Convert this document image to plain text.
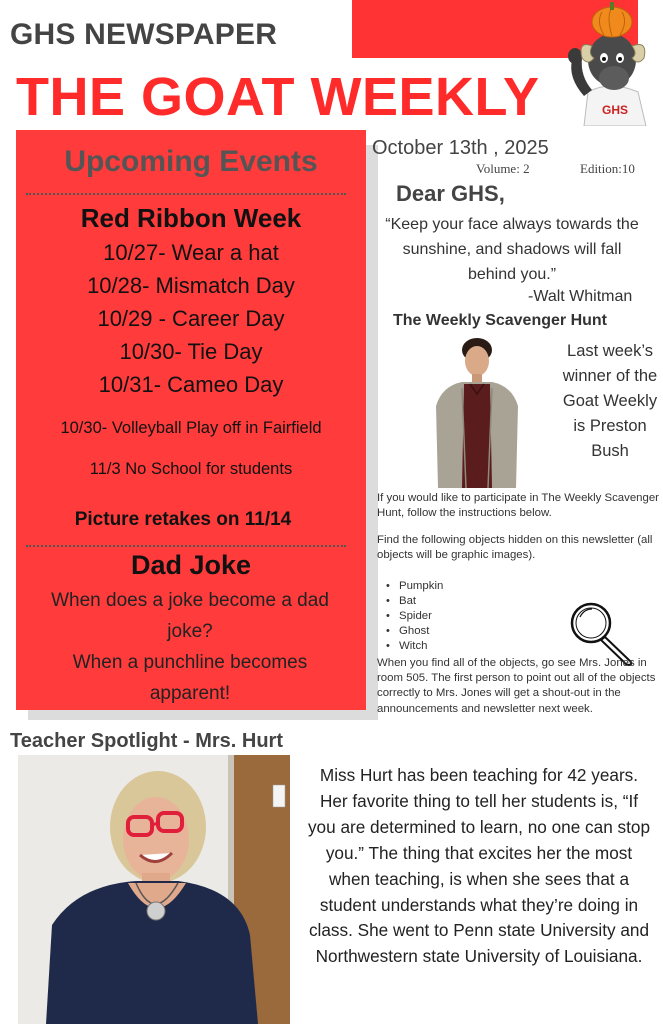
GHS NEWSPAPER
THE GOAT WEEKLY	GHS
Upcoming Events
Red Ribbon Week
10/27- Wear a hat
10/28- Mismatch Day
10/29 - Career Day
10/30- Tie Day
10/31- Cameo Day
10/30- Volleyball Play off in Fairfield
11/3 No School for students
Picture retakes on 11/14
Dad Joke
When does a joke become a dad joke?
When a punchline becomes apparent!
October 13th , 2025
Volume: 2	Edition:10
Dear GHS,
“Keep your face always towards the sunshine, and shadows will fall behind you.”
-Walt Whitman
The Weekly Scavenger Hunt
Last week’s winner of the Goat Weekly is Preston Bush
If you would like to participate in The Weekly Scavenger Hunt, follow the instructions below.
Find the following objects hidden on this newsletter (all objects will be graphic images).
• Pumpkin
• Bat
• Spider
• Ghost
• Witch
When you find all of the objects, go see Mrs. Jones in room 505. The first person to point out all of the objects correctly to Mrs. Jones will get a shout-out in the announcements and newsletter next week.
Teacher Spotlight - Mrs. Hurt
Miss Hurt has been teaching for 42 years. Her favorite thing to tell her students is, “If you are determined to learn, no one can stop you.” The thing that excites her the most when teaching, is when she sees that a student understands what they’re doing in class. She went to Penn state University and Northwestern state University of Louisiana.
